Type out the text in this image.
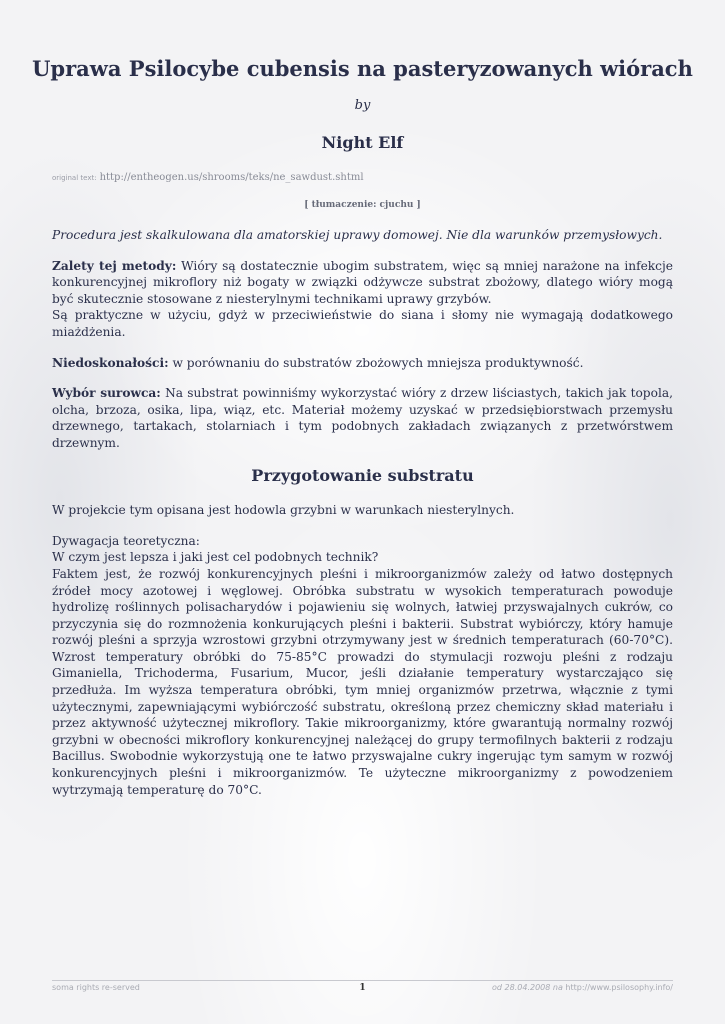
Uprawa Psilocybe cubensis na pasteryzowanych wiórach
by
Night Elf
original text: http://entheogen.us/shrooms/teks/ne_sawdust.shtml
[ tłumaczenie: cjuchu ]

Procedura jest skalkulowana dla amatorskiej uprawy domowej. Nie dla warunków przemysłowych.

Zalety tej metody: Wióry są dostatecznie ubogim substratem, więc są mniej narażone na infekcje konkurencyjnej mikroflory niż bogaty w związki odżywcze substrat zbożowy, dlatego wióry mogą być skutecznie stosowane z niesterylnymi technikami uprawy grzybów.
Są praktyczne w użyciu, gdyż w przeciwieństwie do siana i słomy nie wymagają dodatkowego miażdżenia.

Niedoskonałości: w porównaniu do substratów zbożowych mniejsza produktywność.

Wybór surowca: Na substrat powinniśmy wykorzystać wióry z drzew liściastych, takich jak topola, olcha, brzoza, osika, lipa, wiąz, etc. Materiał możemy uzyskać w przedsiębiorstwach przemysłu drzewnego, tartakach, stolarniach i tym podobnych zakładach związanych z przetwórstwem drzewnym.

Przygotowanie substratu

W projekcie tym opisana jest hodowla grzybni w warunkach niesterylnych.

Dywagacja teoretyczna:
W czym jest lepsza i jaki jest cel podobnych technik?
Faktem jest, że rozwój konkurencyjnych pleśni i mikroorganizmów zależy od łatwo dostępnych źródeł mocy azotowej i węglowej. Obróbka substratu w wysokich temperaturach powoduje hydrolizę roślinnych polisacharydów i pojawieniu się wolnych, łatwiej przyswajalnych cukrów, co przyczynia się do rozmnożenia konkurujących pleśni i bakterii. Substrat wybiórczy, który hamuje rozwój pleśni a sprzyja wzrostowi grzybni otrzymywany jest w średnich temperaturach (60-70°C). Wzrost temperatury obróbki do 75-85°C prowadzi do stymulacji rozwoju pleśni z rodzaju Gimaniella, Trichoderma, Fusarium, Mucor, jeśli działanie temperatury wystarczająco się przedłuża. Im wyższa temperatura obróbki, tym mniej organizmów przetrwa, włącznie z tymi użytecznymi, zapewniającymi wybiórczość substratu, określoną przez chemiczny skład materiału i przez aktywność użytecznej mikroflory. Takie mikroorganizmy, które gwarantują normalny rozwój grzybni w obecności mikroflory konkurencyjnej należącej do grupy termofilnych bakterii z rodzaju Bacillus. Swobodnie wykorzystują one te łatwo przyswajalne cukry ingerując tym samym w rozwój konkurencyjnych pleśni i mikroorganizmów. Te użyteczne mikroorganizmy z powodzeniem wytrzymają temperaturę do 70°C.

soma rights re-served	1	od 28.04.2008 na http://www.psilosophy.info/
